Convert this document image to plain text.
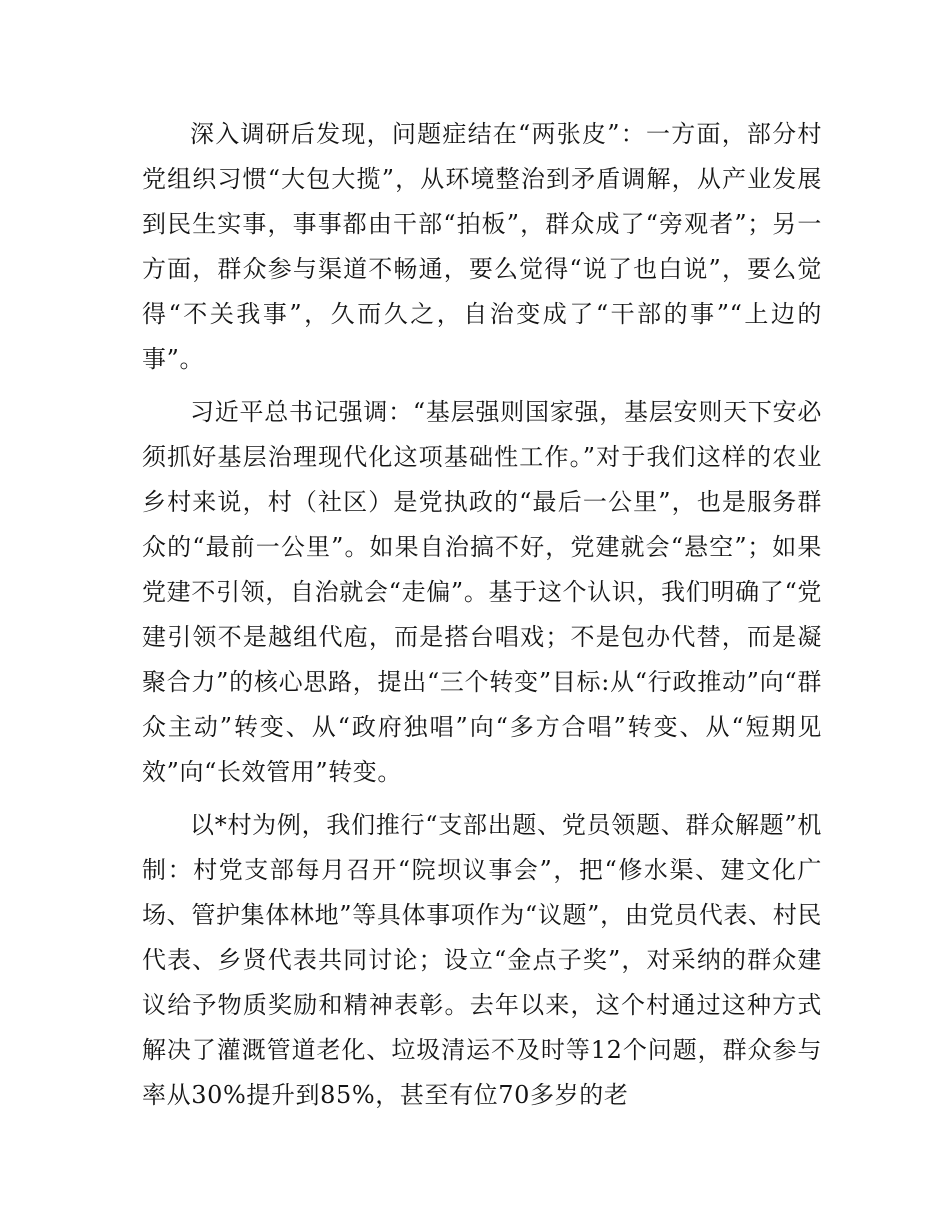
深入调研后发现，问题症结在“两张皮”：一方面，部分村党组织习惯“大包大揽”，从环境整治到矛盾调解，从产业发展到民生实事，事事都由干部“拍板”，群众成了“旁观者”；另一方面，群众参与渠道不畅通，要么觉得“说了也白说”，要么觉得“不关我事”，久而久之，自治变成了“干部的事”“上边的事”。

习近平总书记强调：“基层强则国家强，基层安则天下安必须抓好基层治理现代化这项基础性工作。”对于我们这样的农业乡村来说，村（社区）是党执政的“最后一公里”，也是服务群众的“最前一公里”。如果自治搞不好，党建就会“悬空”；如果党建不引领，自治就会“走偏”。基于这个认识，我们明确了“党建引领不是越组代庖，而是搭台唱戏；不是包办代替，而是凝聚合力”的核心思路，提出“三个转变”目标:从“行政推动”向“群众主动”转变、从“政府独唱”向“多方合唱”转变、从“短期见效”向“长效管用”转变。

以*村为例，我们推行“支部出题、党员领题、群众解题”机制：村党支部每月召开“院坝议事会”，把“修水渠、建文化广场、管护集体林地”等具体事项作为“议题”，由党员代表、村民代表、乡贤代表共同讨论；设立“金点子奖”，对采纳的群众建议给予物质奖励和精神表彰。去年以来，这个村通过这种方式解决了灌溉管道老化、垃圾清运不及时等12个问题，群众参与率从30%提升到85%，甚至有位70多岁的老
